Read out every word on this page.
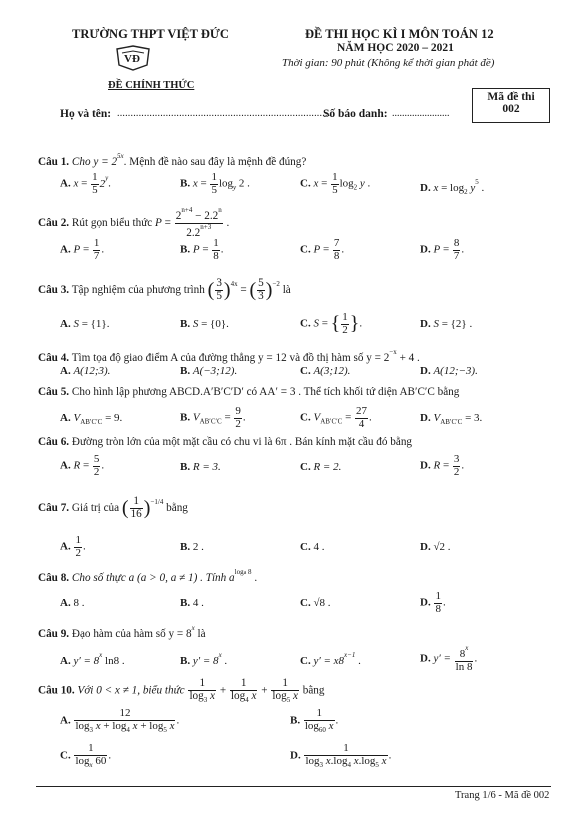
TRƯỜNG THPT VIỆT ĐỨC
VĐ
ĐỀ CHÍNH THỨC
ĐỀ THI HỌC KÌ I MÔN TOÁN 12
NĂM HỌC 2020 – 2021
Thời gian: 90 phút (Không kể thời gian phát đề)
Mã đề thi
002
Họ và tên: ...............................................................................
Số báo danh: .......................
Câu 1. Cho $y = 2^{5x}$. Mệnh đề nào sau đây là mệnh đề đúng?
A. $x = \frac{1}{5} 2^y$.	B. $x = \frac{1}{5} \log_y 2$ .	C. $x = \frac{1}{5} \log_2 y$ .	D. $x = \log_2 y^5$ .
Câu 2. Rút gọn biểu thức $P = \frac{2^{n+4} - 2.2^n}{2.2^{n+3}}$ .
A. $P = \frac{1}{7}$ .	B. $P = \frac{1}{8}$ .	C. $P = \frac{7}{8}$ .	D. $P = \frac{8}{7}$ .
Câu 3. Tập nghiệm của phương trình ( $\frac{3}{5} )^{4x}$ = ( $\frac{5}{3} )^{-2}$ là
A. S = {1}.	B. S = {0}.	C. S = { $\frac{1}{2}$ }.	D. S = {2} .
Câu 4. Tìm tọa độ giao điểm A của đường thẳng y = 12 và đồ thị hàm số $y = 2^{-x} + 4$ .
A. A(12;3).	B. A(−3;12).	C. A(3;12).	D. A(12;−3).
Câu 5. Cho hình lập phương ABCD.A′B′C′D′ có AA′ = 3 . Thể tích khối tứ diện AB′C′C bằng
A. $V_{AB'C'C} = 9$.	B. $V_{AB'C'C} = \frac{9}{2}$ .	C. $V_{AB'C'C} = \frac{27}{4}$ .	D. $V_{AB'C'C} = 3$.
Câu 6. Đường tròn lớn của một mặt cầu có chu vi là 6π . Bán kính mặt cầu đó bằng
A. $R = \frac{5}{2}$ .	B. R = 3.	C. R = 2.	D. $R = \frac{3}{2}$ .
Câu 7. Giá trị của ( $\frac{1}{16} )^{-1/4}$ bằng
A. $\frac{1}{2}$ .	B. 2 .	C. 4 .	D. √2 .
Câu 8. Cho số thực a (a > 0, a ≠ 1) . Tính $a^{loga 8}$ .
A. 8 .	B. 4 .	C. √8 .	D. $\frac{1}{8}$ .
Câu 9. Đạo hàm của hàm số $y = 8^x$ là
A. $y' = 8^x$ ln8 .	B. $y' = 8^x$ .	C. $y' = x8^{x-1}$ .	D. $y' = \frac{8^x}{\ln 8}$ .
Câu 10. Với 0 < x ≠ 1, biểu thức $\frac{1}{\log_3 x} + \frac{1}{\log_4 x} + \frac{1}{\log_5 x}$ bằng
A. $\frac{12}{\log_3 x + \log_4 x + \log_5 x}$ .	B. $\frac{1}{\log_{60} x}$ .
C. $\frac{1}{\log_x 60}$ .	D. $\frac{1}{\log_3 x.\log_4 x.\log_5 x}$ .
Trang 1/6 - Mã đề 002
